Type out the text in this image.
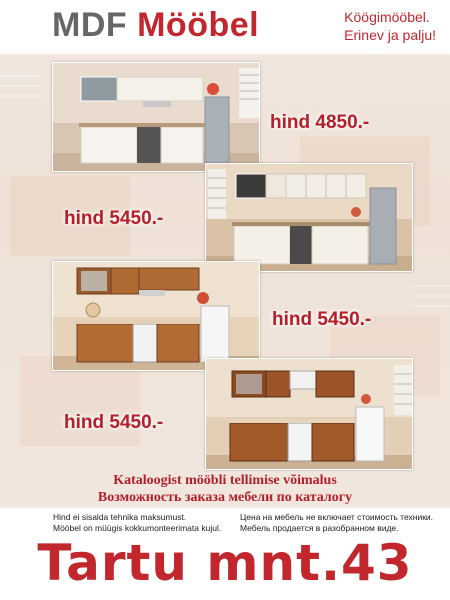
MDF Mööbel	Köögimööbel.
Erinev ja palju!
hind 4850.-
hind 5450.-
hind 5450.-
hind 5450.-
Kataloogist mööbli tellimise võimalus
Возможность заказа мебели по каталогу
Hind ei sisalda tehnika maksumust.
Mööbel on müügis kokkumonteerimata kujul.
Цена на мебель не включает стоимость техники.
Мебель продается в разобранном виде.
Tartu mnt.43
